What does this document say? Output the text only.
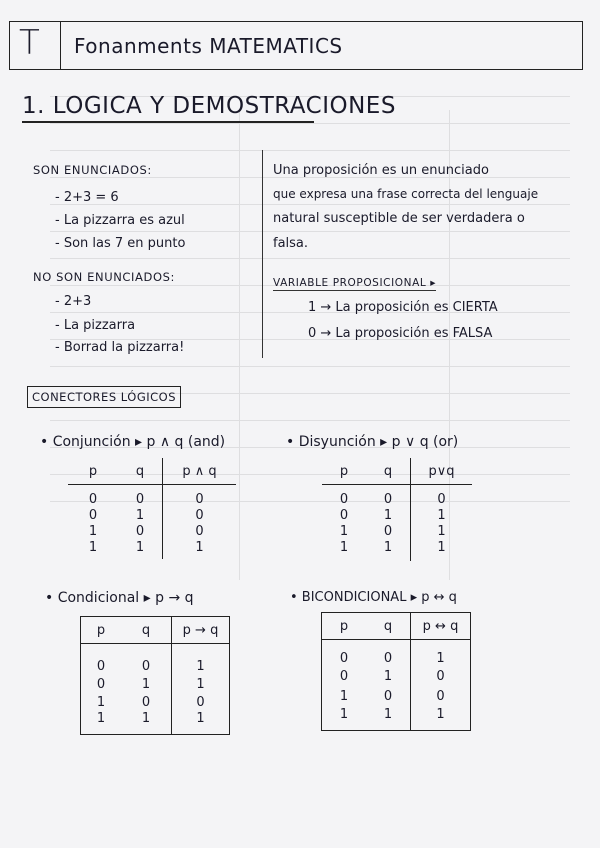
T Fonanments MATEMATICS
1. LOGICA Y DEMOSTRACIONES
SON ENUNCIADOS:
- 2+3 = 6
- La pizzarra es azul
- Son las 7 en punto
NO SON ENUNCIADOS:
- 2+3
- La pizzarra
- Borrad la pizzarra!
Una proposición es un enunciado
que expresa una frase correcta del lenguaje
natural susceptible de ser verdadera o
falsa.
VARIABLE PROPOSICIONAL ▸
1 → La proposición es CIERTA
0 → La proposición es FALSA
CONECTORES LÓGICOS
• Conjunción ▸ p ∧ q (and)
p	q	p ∧ q
0	0	0
0	1	0
1	0	0
1	1	1
• Disyunción ▸ p ∨ q (or)
p	q	p∨q
0	0	0
0	1	1
1	0	1
1	1	1
• Condicional ▸ p → q
p	q	p → q
0	0	1
0	1	1
1	0	0
1	1	1
• BICONDICIONAL ▸ p ↔ q
p	q	p ↔ q
0	0	1
0	1	0
1	0	0
1	1	1
